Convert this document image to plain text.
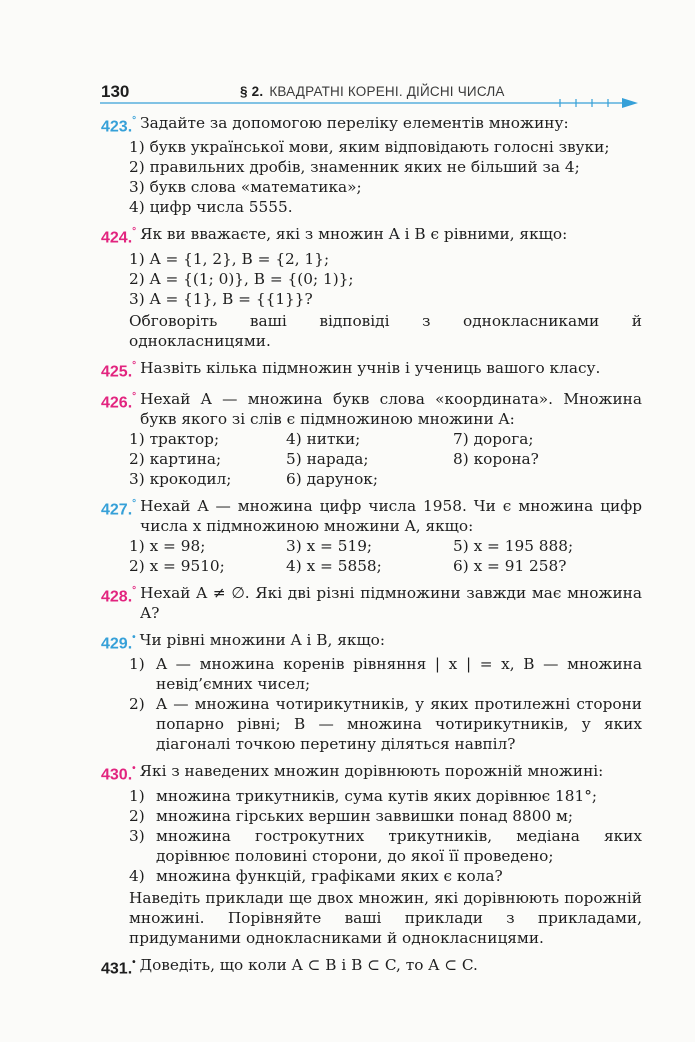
130	§ 2. КВАДРАТНІ КОРЕНІ. ДІЙСНІ ЧИСЛА
423.° Задайте за допомогою переліку елементів множину:
1) букв української мови, яким відповідають голосні звуки;
2) правильних дробів, знаменник яких не більший за 4;
3) букв слова «математика»;
4) цифр числа 5555.
424.° Як ви вважаєте, які з множин A і B є рівними, якщо:
1) A = {1, 2}, B = {2, 1};
2) A = {(1; 0)}, B = {(0; 1)};
3) A = {1}, B = {{1}}?
Обговоріть ваші відповіді з однокласниками й однокласницями.
425.° Назвіть кілька підмножин учнів і учениць вашого класу.
426.° Нехай A — множина букв слова «координата». Множина букв якого зі слів є підмножиною множини A:
1) трактор;	4) нитки;	7) дорога;
2) картина;	5) нарада;	8) корона?
3) крокодил;	6) дарунок;
427.° Нехай A — множина цифр числа 1958. Чи є множина цифр числа x підмножиною множини A, якщо:
1) x = 98;	3) x = 519;	5) x = 195 888;
2) x = 9510;	4) x = 5858;	6) x = 91 258?
428.° Нехай A ≠ ∅. Які дві різні підмножини завжди має множина A?
429.• Чи рівні множини A і B, якщо:
1) A — множина коренів рівняння | x | = x, B — множина невід’ємних чисел;
2) A — множина чотирикутників, у яких протилежні сторони попарно рівні; B — множина чотирикутників, у яких діагоналі точкою перетину діляться навпіл?
430.• Які з наведених множин дорівнюють порожній множині:
1) множина трикутників, сума кутів яких дорівнює 181°;
2) множина гірських вершин заввишки понад 8800 м;
3) множина гострокутних трикутників, медіана яких дорівнює половині сторони, до якої її проведено;
4) множина функцій, графіками яких є кола?
Наведіть приклади ще двох множин, які дорівнюють порожній множині. Порівняйте ваші приклади з прикладами, придуманими однокласниками й однокласницями.
431.• Доведіть, що коли A ⊂ B і B ⊂ C, то A ⊂ C.
